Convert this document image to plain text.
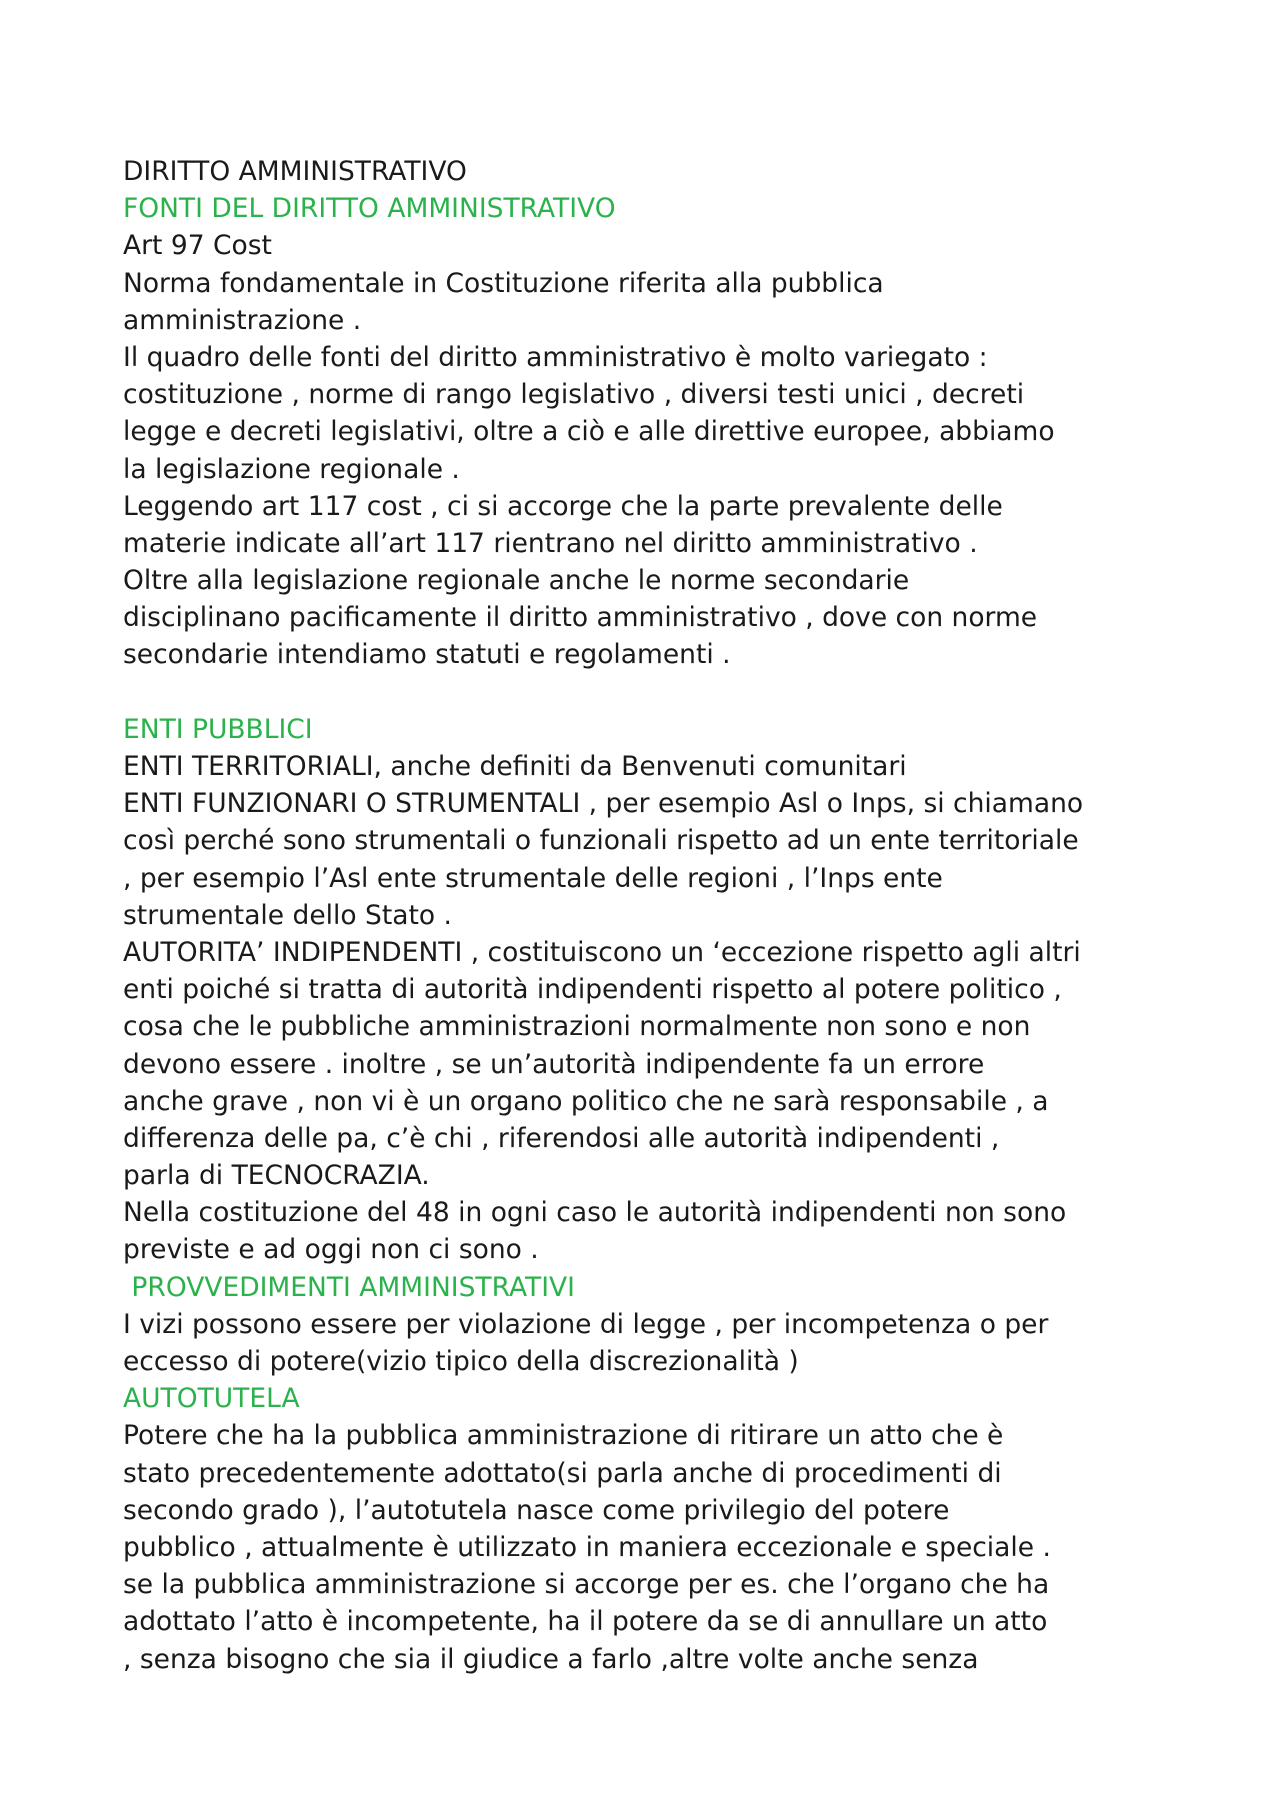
DIRITTO AMMINISTRATIVO
FONTI DEL DIRITTO AMMINISTRATIVO
Art 97 Cost
Norma fondamentale in Costituzione riferita alla pubblica
amministrazione .
Il quadro delle fonti del diritto amministrativo è molto variegato :
costituzione , norme di rango legislativo , diversi testi unici , decreti
legge e decreti legislativi, oltre a ciò e alle direttive europee, abbiamo
la legislazione regionale .
Leggendo art 117 cost , ci si accorge che la parte prevalente delle
materie indicate all’art 117 rientrano nel diritto amministrativo .
Oltre alla legislazione regionale anche le norme secondarie
disciplinano pacificamente il diritto amministrativo , dove con norme
secondarie intendiamo statuti e regolamenti .
ENTI PUBBLICI
ENTI TERRITORIALI, anche definiti da Benvenuti comunitari
ENTI FUNZIONARI O STRUMENTALI , per esempio Asl o Inps, si chiamano
così perché sono strumentali o funzionali rispetto ad un ente territoriale
, per esempio l’Asl ente strumentale delle regioni , l’Inps ente
strumentale dello Stato .
AUTORITA’ INDIPENDENTI , costituiscono un ‘eccezione rispetto agli altri
enti poiché si tratta di autorità indipendenti rispetto al potere politico ,
cosa che le pubbliche amministrazioni normalmente non sono e non
devono essere . inoltre , se un’autorità indipendente fa un errore
anche grave , non vi è un organo politico che ne sarà responsabile , a
differenza delle pa, c’è chi , riferendosi alle autorità indipendenti ,
parla di TECNOCRAZIA.
Nella costituzione del 48 in ogni caso le autorità indipendenti non sono
previste e ad oggi non ci sono .
PROVVEDIMENTI AMMINISTRATIVI
I vizi possono essere per violazione di legge , per incompetenza o per
eccesso di potere(vizio tipico della discrezionalità )
AUTOTUTELA
Potere che ha la pubblica amministrazione di ritirare un atto che è
stato precedentemente adottato(si parla anche di procedimenti di
secondo grado ), l’autotutela nasce come privilegio del potere
pubblico , attualmente è utilizzato in maniera eccezionale e speciale .
se la pubblica amministrazione si accorge per es. che l’organo che ha
adottato l’atto è incompetente, ha il potere da se di annullare un atto
, senza bisogno che sia il giudice a farlo ,altre volte anche senza
